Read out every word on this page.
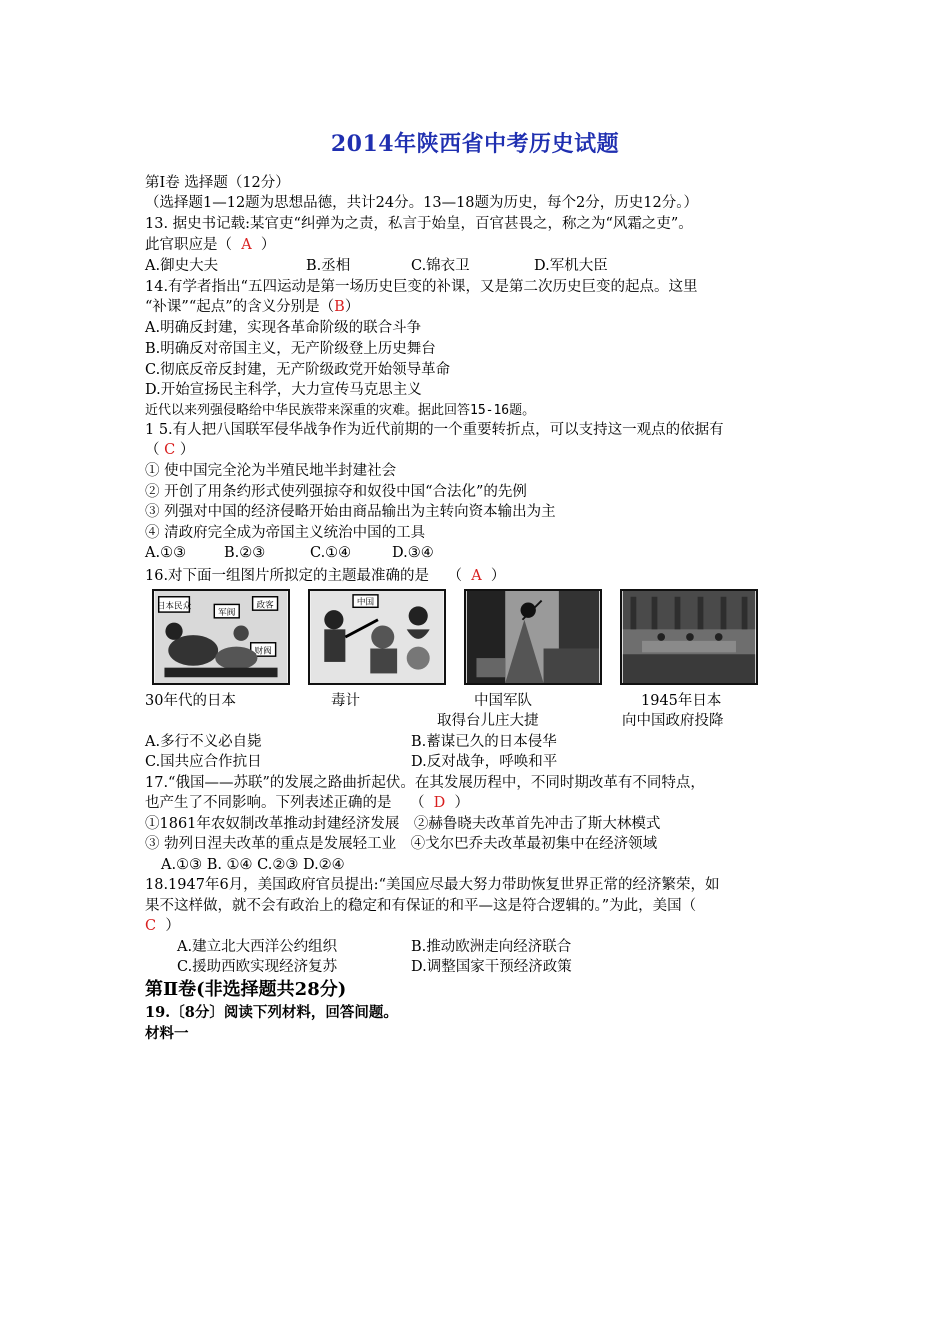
2014年陕西省中考历史试题
第Ⅰ卷 选择题（12分）
（选择题1—12题为思想品德，共计24分。13—18题为历史，每个2分，历史12分。）
13. 据史书记载:某官吏“纠弹为之责，私言于始皇，百官甚畏之，称之为“风霜之吏”。
此官职应是（ A ）
A.御史大夫	B.丞相	C.锦衣卫	D.军机大臣
14.有学者指出“五四运动是第一场历史巨变的补课，又是第二次历史巨变的起点。这里
“补课”“起点”的含义分别是（B）
A.明确反封建，实现各革命阶级的联合斗争
B.明确反对帝国主义，无产阶级登上历史舞台
C.彻底反帝反封建，无产阶级政党开始领导革命
D.开始宣扬民主科学，大力宣传马克思主义
近代以来列强侵略给中华民族带来深重的灾难。据此回答15-16题。
1 5.有人把八国联军侵华战争作为近代前期的一个重要转折点，可以支持这一观点的依据有
（ C ）
① 使中国完全沦为半殖民地半封建社会
② 开创了用条约形式使列强掠夺和奴役中国“合法化”的先例
③ 列强对中国的经济侵略开始由商品输出为主转向资本输出为主
④ 清政府完全成为帝国主义统治中国的工具
A.①③	B.②③	C.①④	D.③④
16.对下面一组图片所拟定的主题最准确的是 （ A ）
日本民众
军阀
政客
财阀
中国
30年代的日本	毒计	中国军队	1945年日本
取得台儿庄大捷	向中国政府投降
A.多行不义必自毙	B.蓄谋已久的日本侵华
C.国共应合作抗日	D.反对战争，呼唤和平
17.“俄国——苏联”的发展之路曲折起伏。在其发展历程中，不同时期改革有不同特点，
也产生了不同影响。下列表述正确的是 （ D ）
①1861年农奴制改革推动封建经济发展　②赫鲁晓夫改革首先冲击了斯大林模式
③ 勃列日涅夫改革的重点是发展轻工业　④戈尔巴乔夫改革最初集中在经济领域
A.①③ B. ①④ C.②③ D.②④
18.1947年6月，美国政府官员提出:“美国应尽最大努力带助恢复世界正常的经济繁荣，如
果不这样做，就不会有政治上的稳定和有保证的和平—这是符合逻辑的。”为此，美国（
C ）
A.建立北大西洋公约组织	B.推动欧洲走向经济联合
C.援助西欧实现经济复苏	D.调整国家干预经济政策
第Ⅱ卷(非选择题共28分)
19.〔8分〕阅读下列材料，回答间题。
材料一
